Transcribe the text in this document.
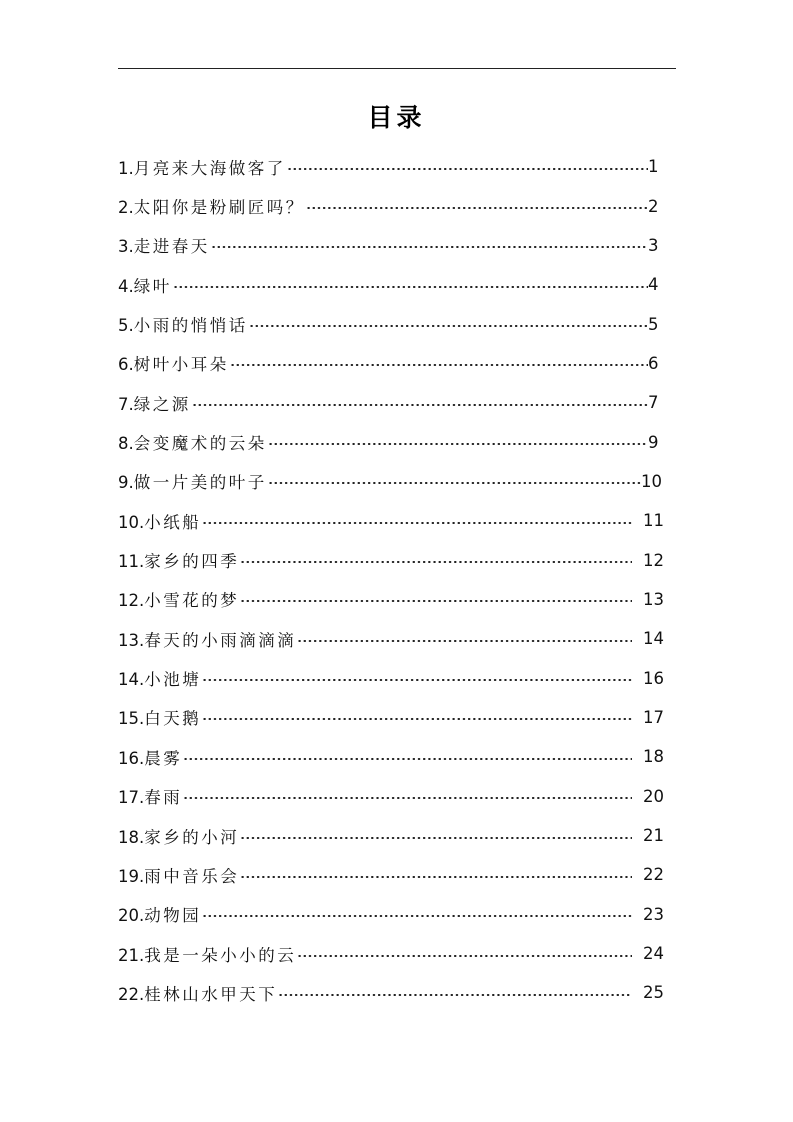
目录
1.月亮来大海做客了	1
2.太阳你是粉刷匠吗？	2
3.走进春天	3
4.绿叶	4
5.小雨的悄悄话	5
6.树叶小耳朵	6
7.绿之源	7
8.会变魔术的云朵	9
9.做一片美的叶子	10
10.小纸船	11
11.家乡的四季	12
12.小雪花的梦	13
13.春天的小雨滴滴滴	14
14.小池塘	16
15.白天鹅	17
16.晨雾	18
17.春雨	20
18.家乡的小河	21
19.雨中音乐会	22
20.动物园	23
21.我是一朵小小的云	24
22.桂林山水甲天下	25
